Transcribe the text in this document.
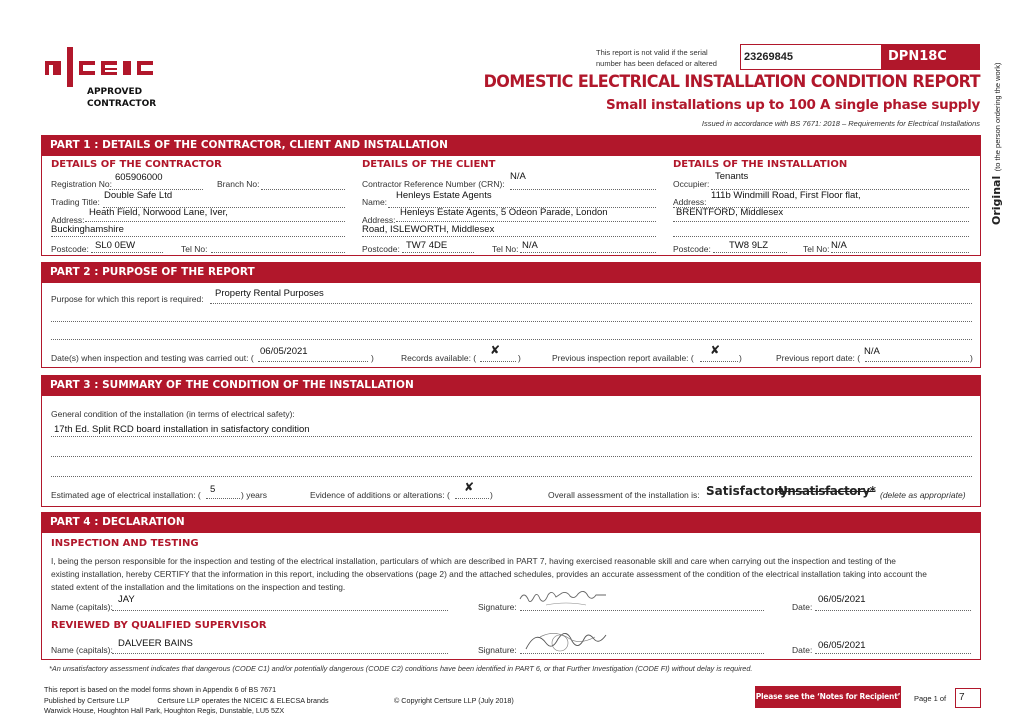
APPROVED
CONTRACTOR
This report is not valid if the serial
number has been defaced or altered
23269845	DPN18C
DOMESTIC ELECTRICAL INSTALLATION CONDITION REPORT
Small installations up to 100 A single phase supply
Issued in accordance with BS 7671: 2018 – Requirements for Electrical Installations
Original (to the person ordering the work)
PART 1 : DETAILS OF THE CONTRACTOR, CLIENT AND INSTALLATION
DETAILS OF THE CONTRACTOR
Registration No:
605906000
Branch No:
Trading Title:
Double Safe Ltd
Address:
Heath Field, Norwood Lane, Iver,
Buckinghamshire
Postcode: SL0 0EW	Tel No:
DETAILS OF THE CLIENT
Contractor Reference Number (CRN):
N/A
Name:
Henleys Estate Agents
Address:
Henleys Estate Agents, 5 Odeon Parade, London
Road, ISLEWORTH, Middlesex
Postcode: TW7 4DE	Tel No: N/A
DETAILS OF THE INSTALLATION
Occupier:
Tenants
Address:
111b Windmill Road, First Floor flat,
BRENTFORD, Middlesex
Postcode: TW8 9LZ	Tel No: N/A
PART 2 : PURPOSE OF THE REPORT
Purpose for which this report is required: Property Rental Purposes
Date(s) when inspection and testing was carried out: (
06/05/2021
)	Records available: (
✘
)	Previous inspection report available: (
✘
)	Previous report date: (
N/A
)
PART 3 : SUMMARY OF THE CONDITION OF THE INSTALLATION
General condition of the installation (in terms of electrical safety):
17th Ed. Split RCD board installation in satisfactory condition
Estimated age of electrical installation: ( 5	) years	Evidence of additions or alterations: (
✘
)	Overall assessment of the installation is: Satisfactory
Unsatisfactory* (delete as appropriate)
PART 4 : DECLARATION
INSPECTION AND TESTING
I, being the person responsible for the inspection and testing of the electrical installation, particulars of which are described in PART 7, having exercised reasonable skill and care when carrying out the inspection and testing of the
existing installation, hereby CERTIFY that the information in this report, including the observations (page 2) and the attached schedules, provides an accurate assessment of the condition of the electrical installation taking into account the
stated extent of the installation and the limitations on the inspection and testing.
Name (capitals):
JAY
Signature:	Date:
06/05/2021
REVIEWED BY QUALIFIED SUPERVISOR
Name (capitals):
DALVEER BAINS
Signature:	Date: 06/05/2021
*An unsatisfactory assessment indicates that dangerous (CODE C1) and/or potentially dangerous (CODE C2) conditions have been identified in PART 6, or that Further Investigation (CODE FI) without delay is required.
This report is based on the model forms shown in Appendix 6 of BS 7671
Published by Certsure LLP	Certsure LLP operates the NICEIC & ELECSA brands
Warwick House, Houghton Hall Park, Houghton Regis, Dunstable, LU5 5ZX
© Copyright Certsure LLP (July 2018)	Please see the ‘Notes for Recipient’ Page 1 of 7
